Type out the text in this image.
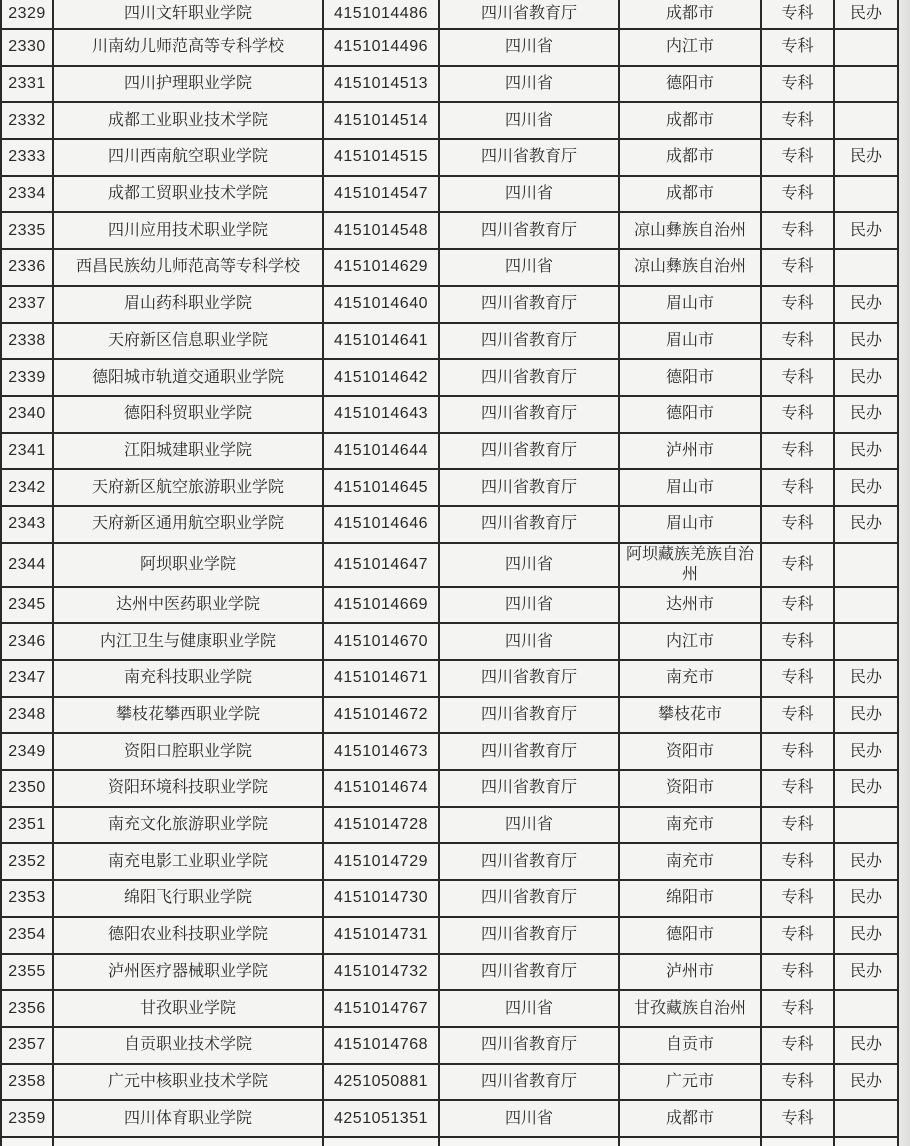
2329	四川文轩职业学院	4151014486	四川省教育厅	成都市	专科	民办
2330	川南幼儿师范高等专科学校	4151014496	四川省	内江市	专科	
2331	四川护理职业学院	4151014513	四川省	德阳市	专科	
2332	成都工业职业技术学院	4151014514	四川省	成都市	专科	
2333	四川西南航空职业学院	4151014515	四川省教育厅	成都市	专科	民办
2334	成都工贸职业技术学院	4151014547	四川省	成都市	专科	
2335	四川应用技术职业学院	4151014548	四川省教育厅	凉山彝族自治州	专科	民办
2336	西昌民族幼儿师范高等专科学校	4151014629	四川省	凉山彝族自治州	专科	
2337	眉山药科职业学院	4151014640	四川省教育厅	眉山市	专科	民办
2338	天府新区信息职业学院	4151014641	四川省教育厅	眉山市	专科	民办
2339	德阳城市轨道交通职业学院	4151014642	四川省教育厅	德阳市	专科	民办
2340	德阳科贸职业学院	4151014643	四川省教育厅	德阳市	专科	民办
2341	江阳城建职业学院	4151014644	四川省教育厅	泸州市	专科	民办
2342	天府新区航空旅游职业学院	4151014645	四川省教育厅	眉山市	专科	民办
2343	天府新区通用航空职业学院	4151014646	四川省教育厅	眉山市	专科	民办
2344	阿坝职业学院	4151014647	四川省	阿坝藏族羌族自治州	专科	
2345	达州中医药职业学院	4151014669	四川省	达州市	专科	
2346	内江卫生与健康职业学院	4151014670	四川省	内江市	专科	
2347	南充科技职业学院	4151014671	四川省教育厅	南充市	专科	民办
2348	攀枝花攀西职业学院	4151014672	四川省教育厅	攀枝花市	专科	民办
2349	资阳口腔职业学院	4151014673	四川省教育厅	资阳市	专科	民办
2350	资阳环境科技职业学院	4151014674	四川省教育厅	资阳市	专科	民办
2351	南充文化旅游职业学院	4151014728	四川省	南充市	专科	
2352	南充电影工业职业学院	4151014729	四川省教育厅	南充市	专科	民办
2353	绵阳飞行职业学院	4151014730	四川省教育厅	绵阳市	专科	民办
2354	德阳农业科技职业学院	4151014731	四川省教育厅	德阳市	专科	民办
2355	泸州医疗器械职业学院	4151014732	四川省教育厅	泸州市	专科	民办
2356	甘孜职业学院	4151014767	四川省	甘孜藏族自治州	专科	
2357	自贡职业技术学院	4151014768	四川省教育厅	自贡市	专科	民办
2358	广元中核职业技术学院	4251050881	四川省教育厅	广元市	专科	民办
2359	四川体育职业学院	4251051351	四川省	成都市	专科	
